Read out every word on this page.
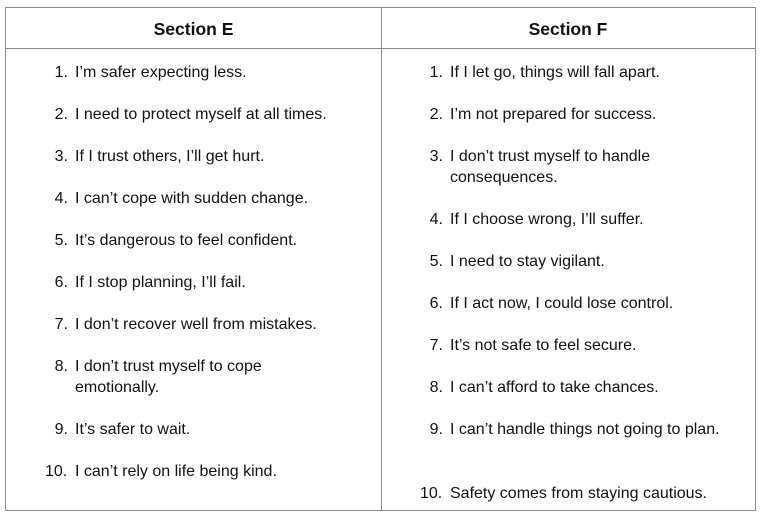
Section E
1. I’m safer expecting less.
2. I need to protect myself at all times.
3. If I trust others, I’ll get hurt.
4. I can’t cope with sudden change.
5. It’s dangerous to feel confident.
6. If I stop planning, I’ll fail.
7. I don’t recover well from mistakes.
8. I don’t trust myself to cope emotionally.
9. It’s safer to wait.
10. I can’t rely on life being kind.
Section F
1. If I let go, things will fall apart.
2. I’m not prepared for success.
3. I don’t trust myself to handle consequences.
4. If I choose wrong, I’ll suffer.
5. I need to stay vigilant.
6. If I act now, I could lose control.
7. It’s not safe to feel secure.
8. I can’t afford to take chances.
9. I can’t handle things not going to plan.
10. Safety comes from staying cautious.
